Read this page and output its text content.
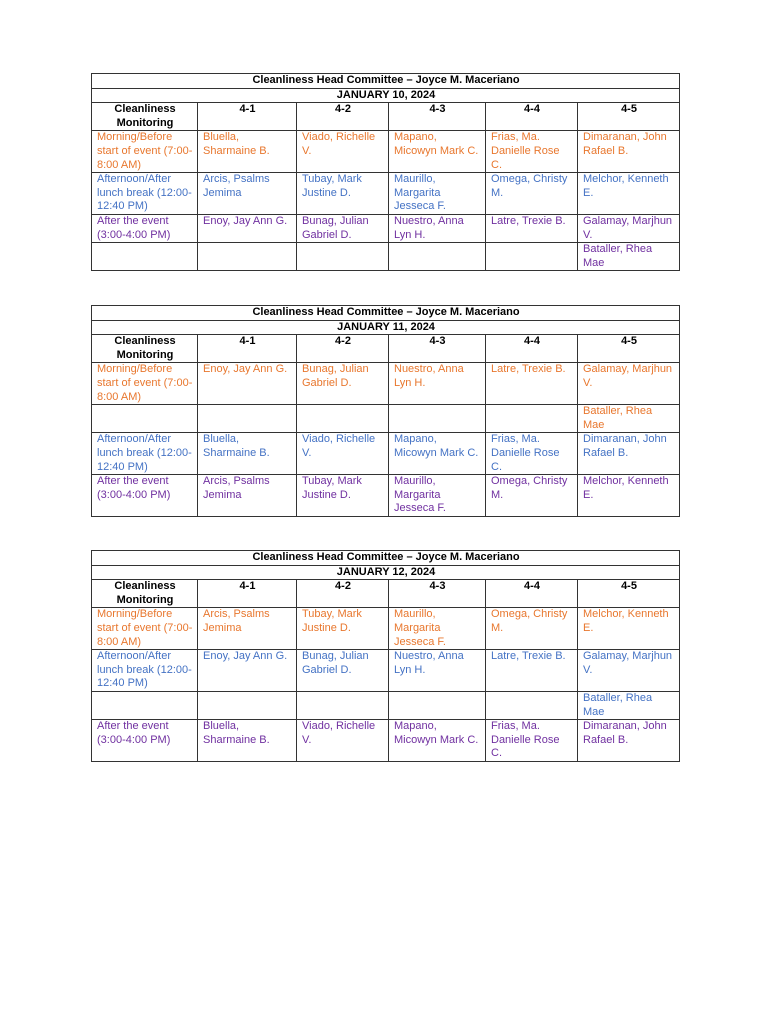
Cleanliness Head Committee – Joyce M. Maceriano					
JANUARY 10, 2024					
Cleanliness Monitoring	4-1	4-2	4-3	4-4	4-5
Morning/Before start of event (7:00-8:00 AM)	Bluella, Sharmaine B.	Viado, Richelle V.	Mapano, Micowyn Mark C.	Frias, Ma. Danielle Rose C.	Dimaranan, John Rafael B.
Afternoon/After lunch break (12:00-12:40 PM)	Arcis, Psalms Jemima	Tubay, Mark Justine D.	Maurillo, Margarita Jesseca F.	Omega, Christy M.	Melchor, Kenneth E.
After the event (3:00-4:00 PM)	Enoy, Jay Ann G.	Bunag, Julian Gabriel D.	Nuestro, Anna Lyn H.	Latre, Trexie B.	Galamay, Marjhun V.
					Bataller, Rhea Mae
Cleanliness Head Committee – Joyce M. Maceriano					
JANUARY 11, 2024					
Cleanliness Monitoring	4-1	4-2	4-3	4-4	4-5
Morning/Before start of event (7:00-8:00 AM)	Enoy, Jay Ann G.	Bunag, Julian Gabriel D.	Nuestro, Anna Lyn H.	Latre, Trexie B.	Galamay, Marjhun V.
					Bataller, Rhea Mae
Afternoon/After lunch break (12:00-12:40 PM)	Bluella, Sharmaine B.	Viado, Richelle V.	Mapano, Micowyn Mark C.	Frias, Ma. Danielle Rose C.	Dimaranan, John Rafael B.
After the event (3:00-4:00 PM)	Arcis, Psalms Jemima	Tubay, Mark Justine D.	Maurillo, Margarita Jesseca F.	Omega, Christy M.	Melchor, Kenneth E.
Cleanliness Head Committee – Joyce M. Maceriano					
JANUARY 12, 2024					
Cleanliness Monitoring	4-1	4-2	4-3	4-4	4-5
Morning/Before start of event (7:00-8:00 AM)	Arcis, Psalms Jemima	Tubay, Mark Justine D.	Maurillo, Margarita Jesseca F.	Omega, Christy M.	Melchor, Kenneth E.
Afternoon/After lunch break (12:00-12:40 PM)	Enoy, Jay Ann G.	Bunag, Julian Gabriel D.	Nuestro, Anna Lyn H.	Latre, Trexie B.	Galamay, Marjhun V.
					Bataller, Rhea Mae
After the event (3:00-4:00 PM)	Bluella, Sharmaine B.	Viado, Richelle V.	Mapano, Micowyn Mark C.	Frias, Ma. Danielle Rose C.	Dimaranan, John Rafael B.
